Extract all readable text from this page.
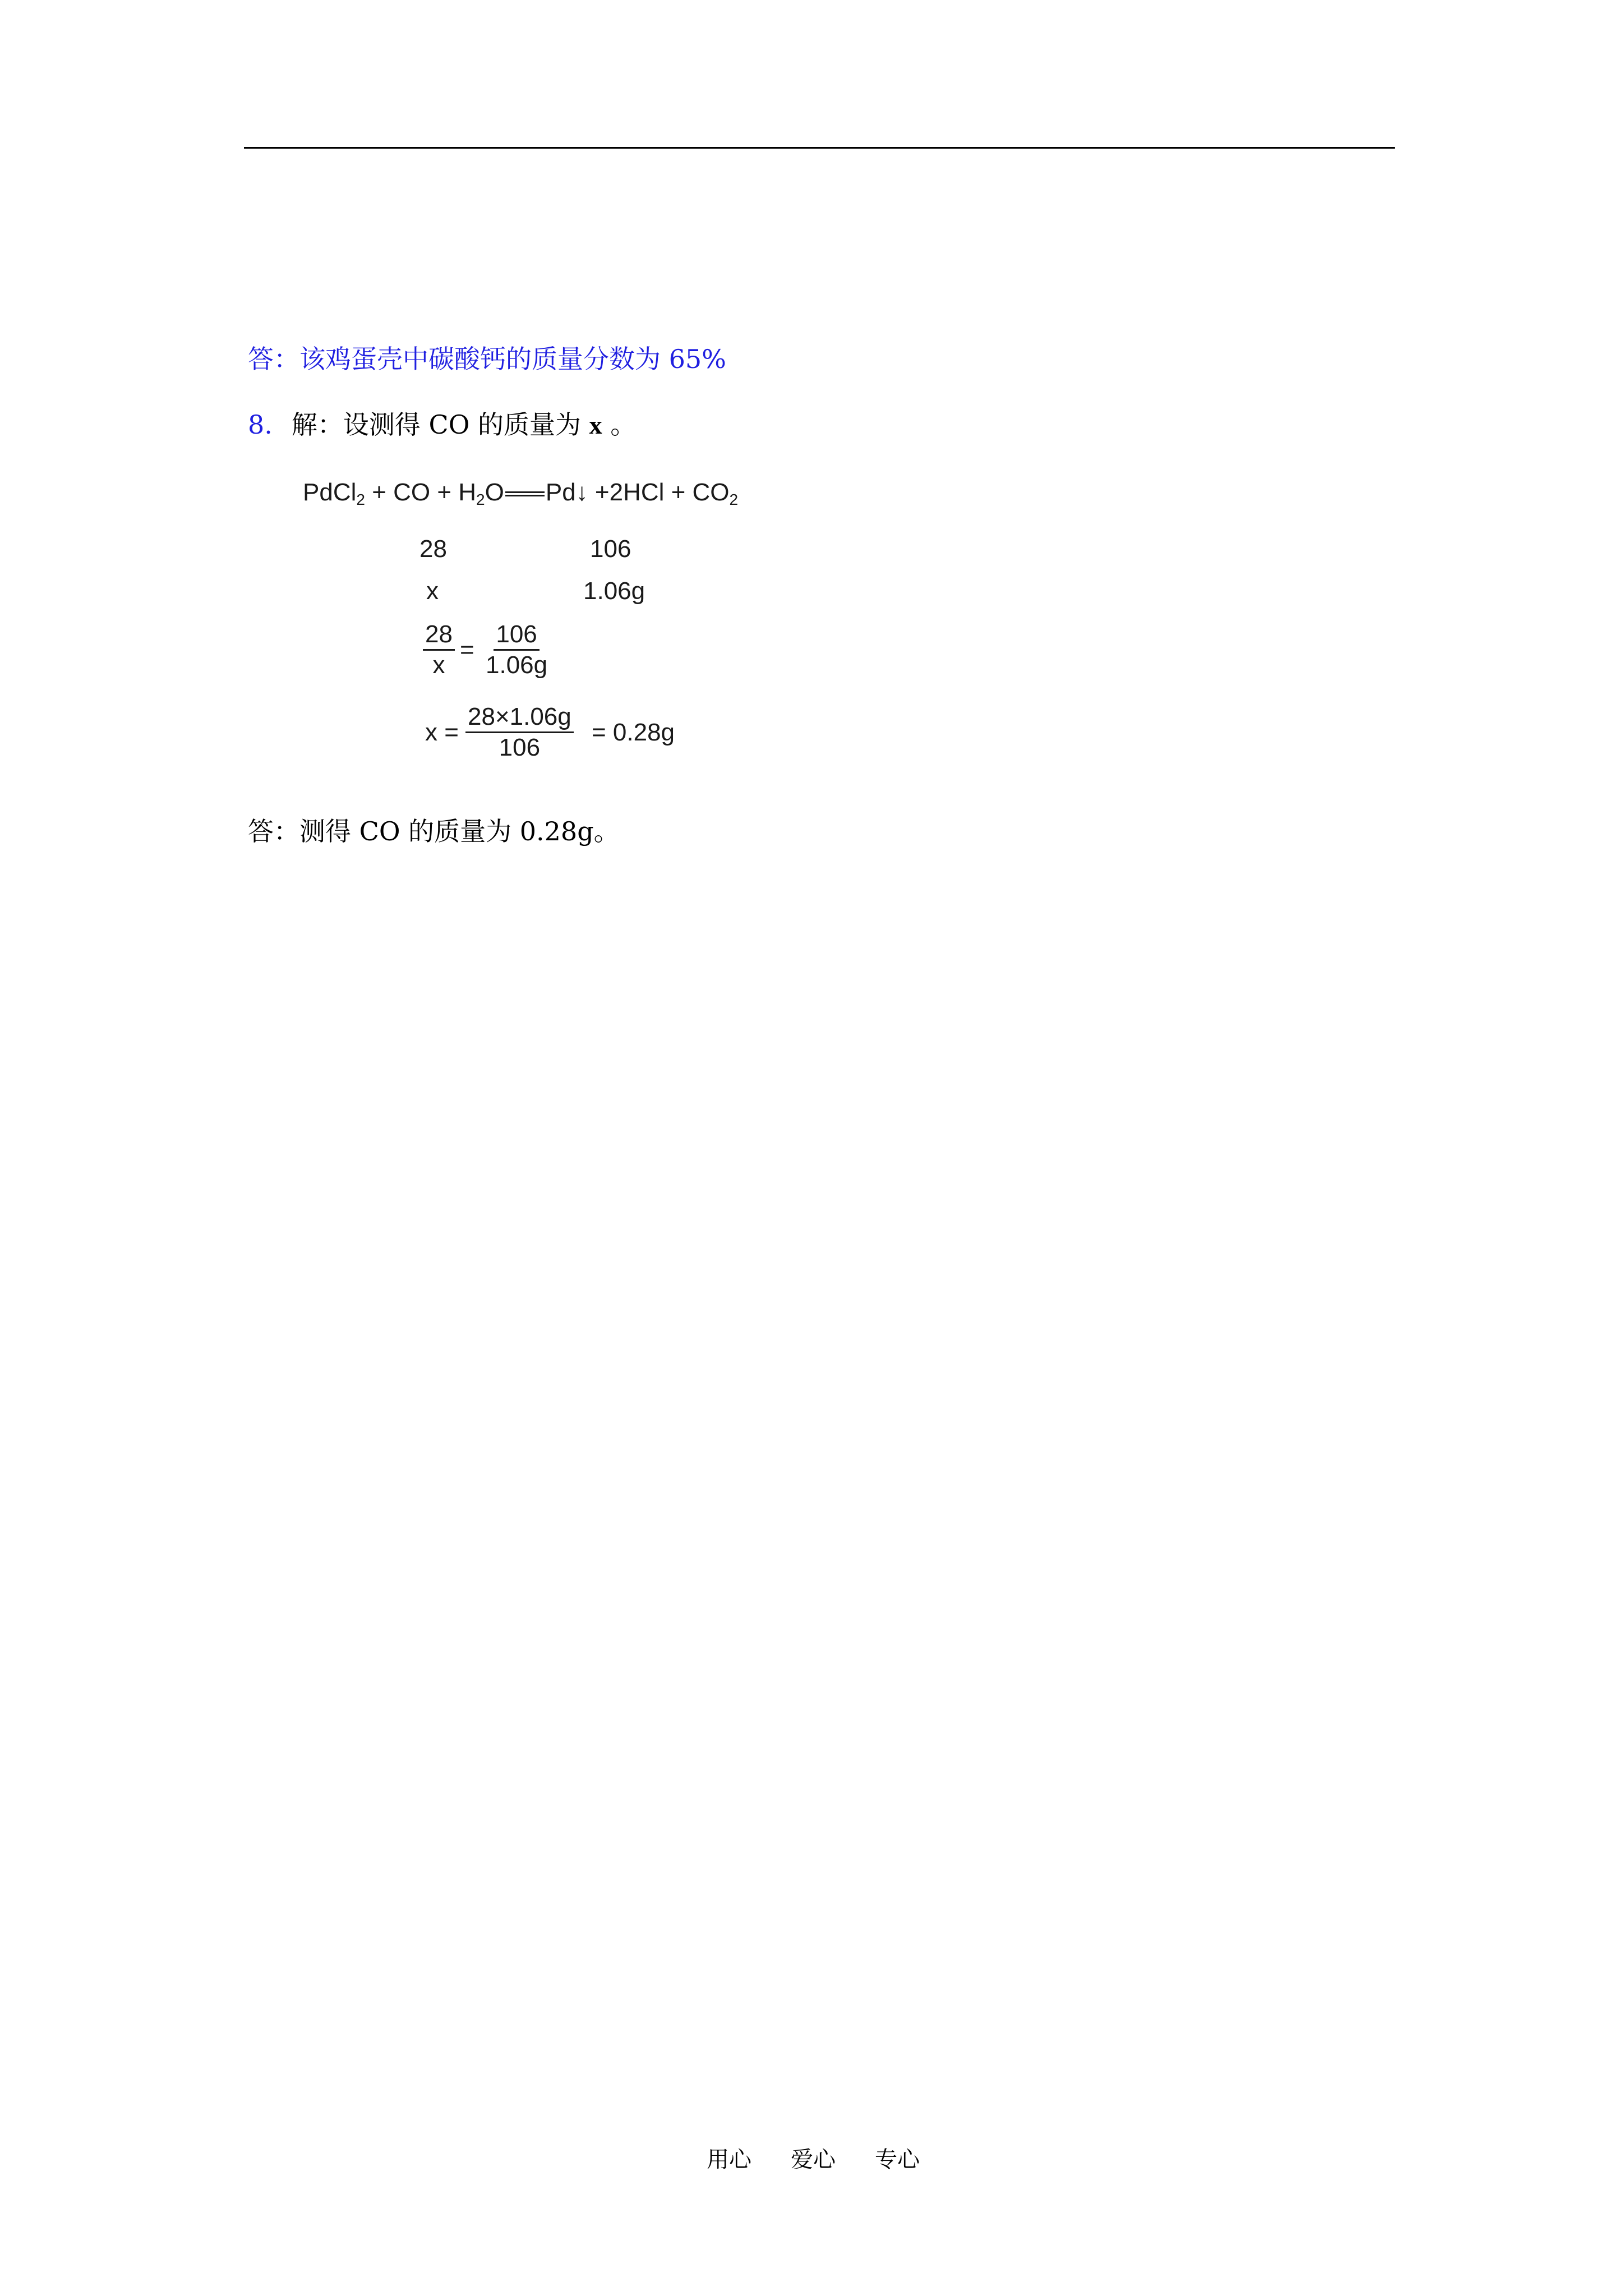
答：该鸡蛋壳中碳酸钙的质量分数为 65%
8. 解：设测得 CO 的质量为 x 。
PdCl$_2$ + CO + $H_2O$ Pd↓ $+2HCl + CO_2$
28	106
x	1.06g
$\frac{28}{x} = \frac{106}{1.06g}$
$x = \frac{28\times 1.06g}{106} = 0.28g$
答：测得 CO 的质量为 0.28g。
用心 爱心 专心
